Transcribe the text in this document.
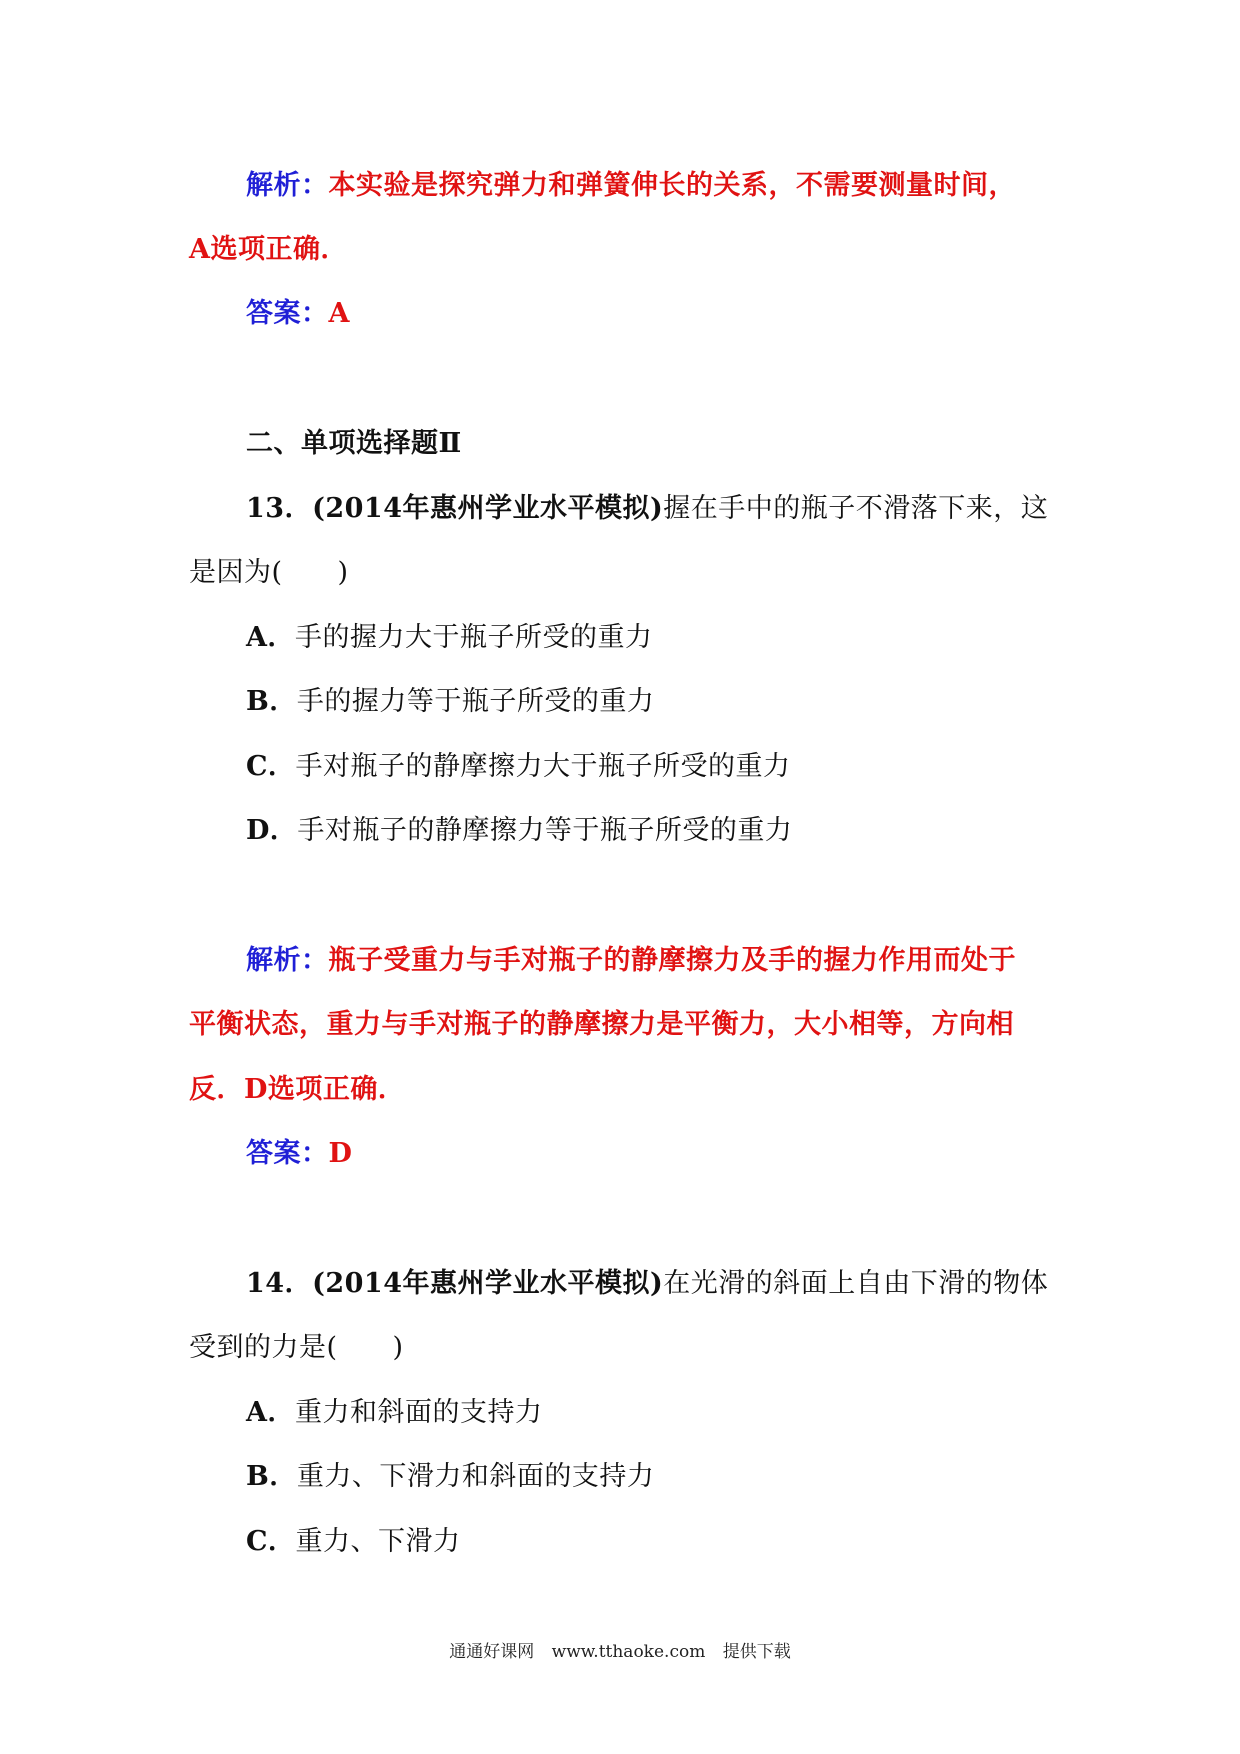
解析：本实验是探究弹力和弹簧伸长的关系，不需要测量时间，
A选项正确．
答案：A
二、单项选择题Ⅱ
13．(2014年惠州学业水平模拟)握在手中的瓶子不滑落下来，这
是因为(　　)
A．手的握力大于瓶子所受的重力
B．手的握力等于瓶子所受的重力
C．手对瓶子的静摩擦力大于瓶子所受的重力
D．手对瓶子的静摩擦力等于瓶子所受的重力
解析：瓶子受重力与手对瓶子的静摩擦力及手的握力作用而处于
平衡状态，重力与手对瓶子的静摩擦力是平衡力，大小相等，方向相
反．D选项正确．
答案：D
14．(2014年惠州学业水平模拟)在光滑的斜面上自由下滑的物体
受到的力是(　　)
A．重力和斜面的支持力
B．重力、下滑力和斜面的支持力
C．重力、下滑力
通通好课网 www.tthaoke.com 提供下载
